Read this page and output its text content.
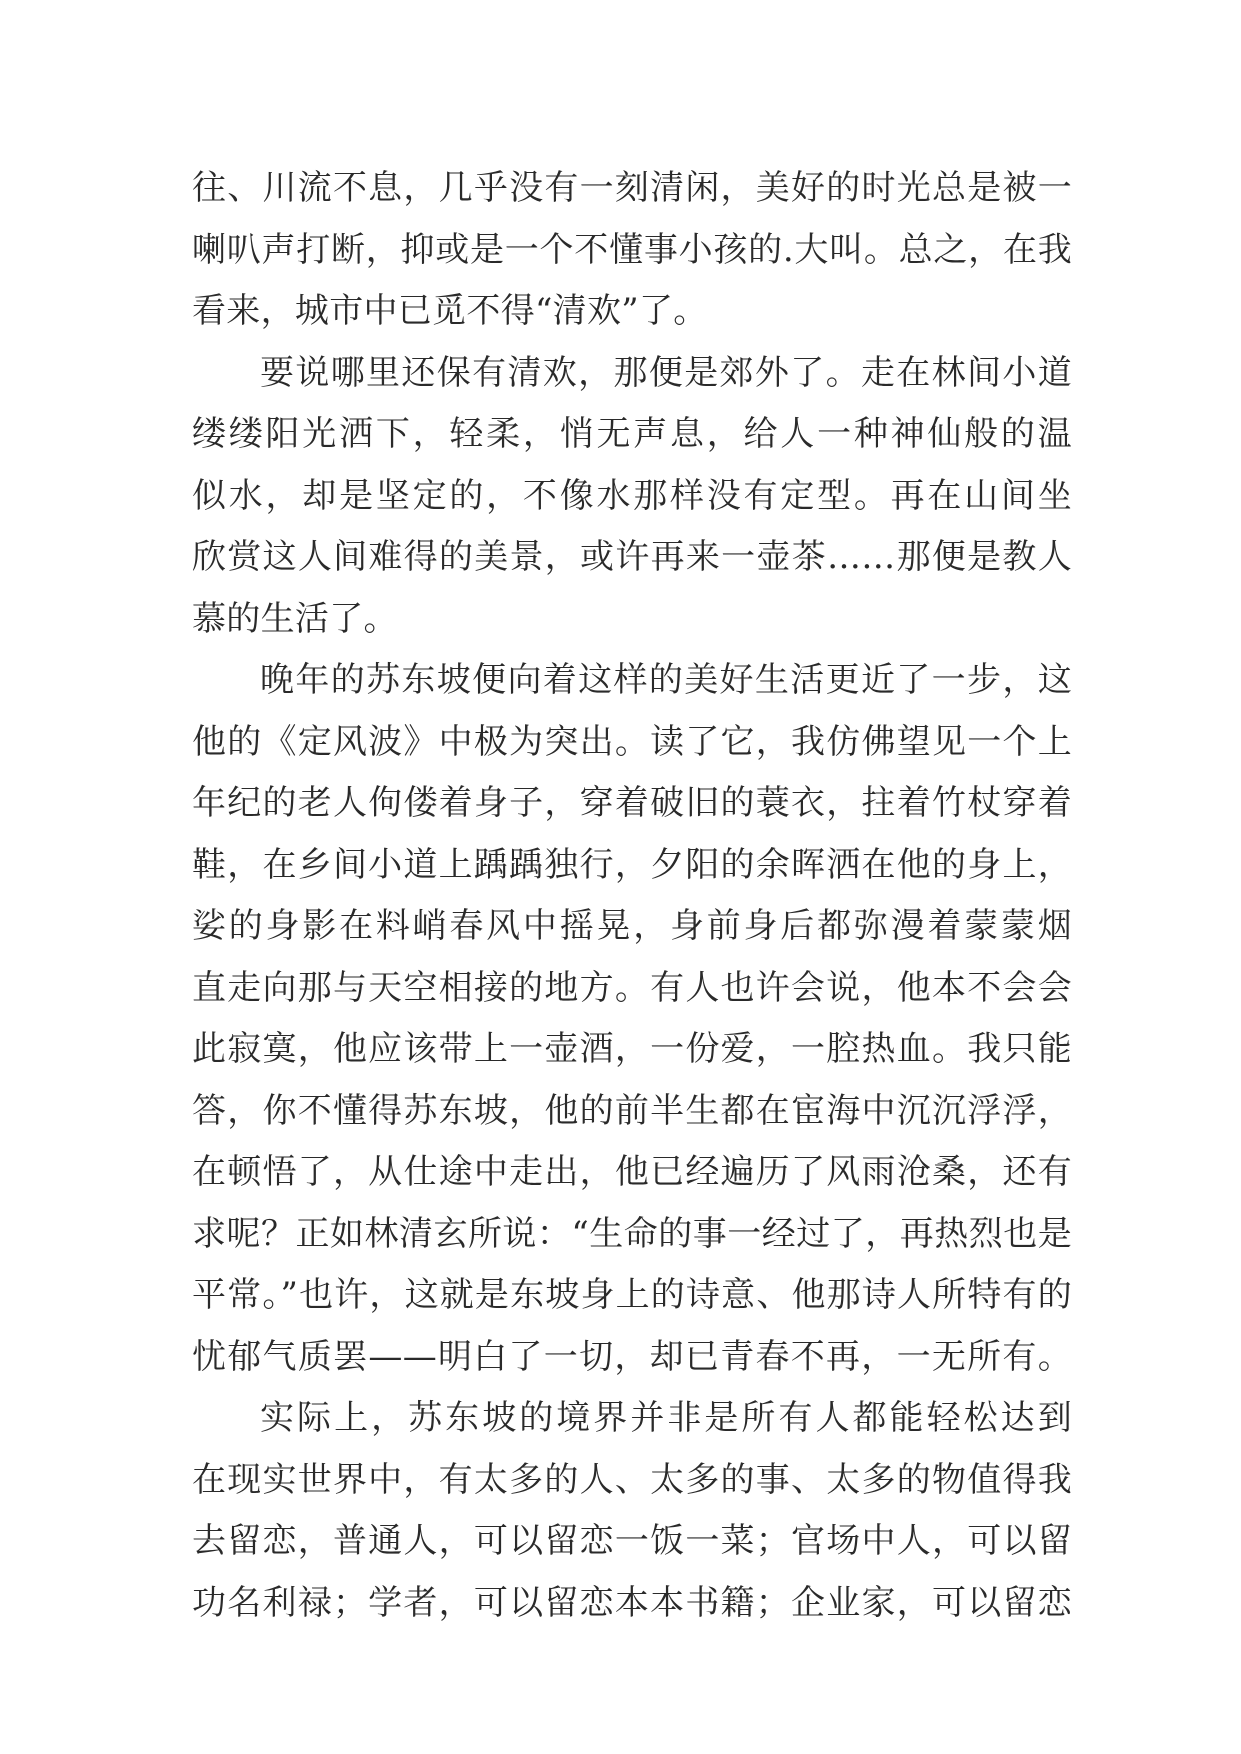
往、川流不息，几乎没有一刻清闲，美好的时光总是被一
喇叭声打断，抑或是一个不懂事小孩的.大叫。总之，在我
看来，城市中已觅不得“清欢”了。
要说哪里还保有清欢，那便是郊外了。走在林间小道
缕缕阳光洒下，轻柔，悄无声息，给人一种神仙般的温
似水，却是坚定的，不像水那样没有定型。再在山间坐
欣赏这人间难得的美景，或许再来一壶茶……那便是教人
慕的生活了。
晚年的苏东坡便向着这样的美好生活更近了一步，这
他的《定风波》中极为突出。读了它，我仿佛望见一个上
年纪的老人佝偻着身子，穿着破旧的蓑衣，拄着竹杖穿着
鞋，在乡间小道上踽踽独行，夕阳的余晖洒在他的身上，
娑的身影在料峭春风中摇晃，身前身后都弥漫着蒙蒙烟
直走向那与天空相接的地方。有人也许会说，他本不会会
此寂寞，他应该带上一壶酒，一份爱，一腔热血。我只能
答，你不懂得苏东坡，他的前半生都在宦海中沉沉浮浮，
在顿悟了，从仕途中走出，他已经遍历了风雨沧桑，还有
求呢？正如林清玄所说：“生命的事一经过了，再热烈也是
平常。”也许，这就是东坡身上的诗意、他那诗人所特有的
忧郁气质罢——明白了一切，却已青春不再，一无所有。
实际上，苏东坡的境界并非是所有人都能轻松达到
在现实世界中，有太多的人、太多的事、太多的物值得我
去留恋，普通人，可以留恋一饭一菜；官场中人，可以留
功名利禄；学者，可以留恋本本书籍；企业家，可以留恋
